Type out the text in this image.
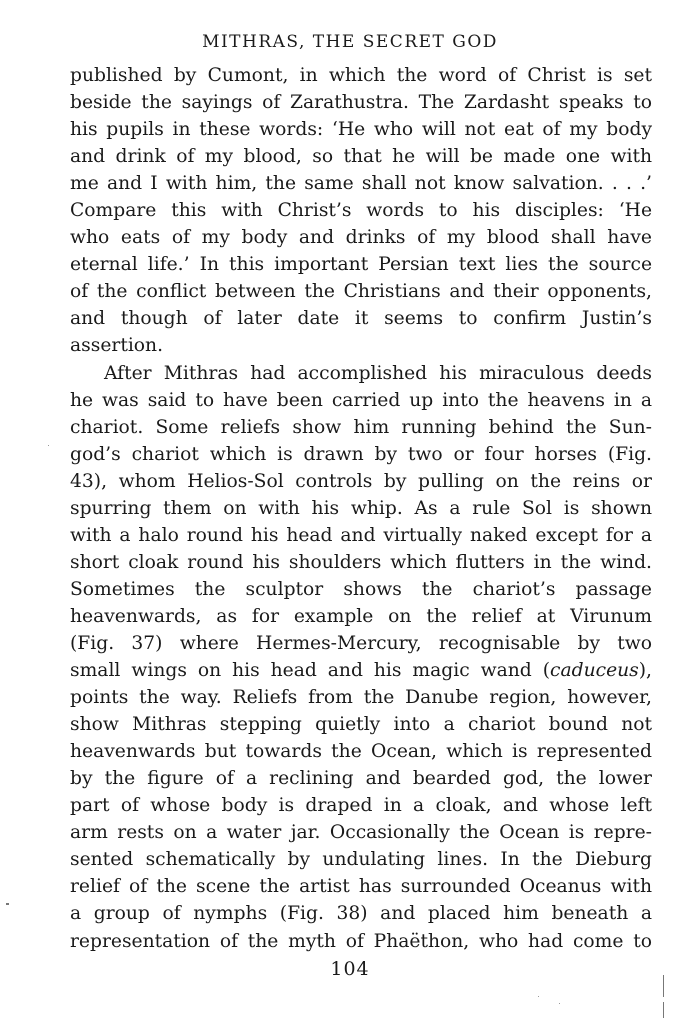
MITHRAS, THE SECRET GOD
published by Cumont, in which the word of Christ is set
beside the sayings of Zarathustra. The Zardasht speaks to
his pupils in these words: ‘He who will not eat of my body
and drink of my blood, so that he will be made one with
me and I with him, the same shall not know salvation. . . .’
Compare this with Christ’s words to his disciples: ‘He
who eats of my body and drinks of my blood shall have
eternal life.’ In this important Persian text lies the source
of the conflict between the Christians and their opponents,
and though of later date it seems to confirm Justin’s
assertion.
After Mithras had accomplished his miraculous deeds
he was said to have been carried up into the heavens in a
chariot. Some reliefs show him running behind the Sun-
god’s chariot which is drawn by two or four horses (Fig.
43), whom Helios-Sol controls by pulling on the reins or
spurring them on with his whip. As a rule Sol is shown
with a halo round his head and virtually naked except for a
short cloak round his shoulders which flutters in the wind.
Sometimes the sculptor shows the chariot’s passage
heavenwards, as for example on the relief at Virunum
(Fig. 37) where Hermes-Mercury, recognisable by two
small wings on his head and his magic wand (caduceus),
points the way. Reliefs from the Danube region, however,
show Mithras stepping quietly into a chariot bound not
heavenwards but towards the Ocean, which is represented
by the figure of a reclining and bearded god, the lower
part of whose body is draped in a cloak, and whose left
arm rests on a water jar. Occasionally the Ocean is repre-
sented schematically by undulating lines. In the Dieburg
relief of the scene the artist has surrounded Oceanus with
a group of nymphs (Fig. 38) and placed him beneath a
representation of the myth of Phaëthon, who had come to
104
